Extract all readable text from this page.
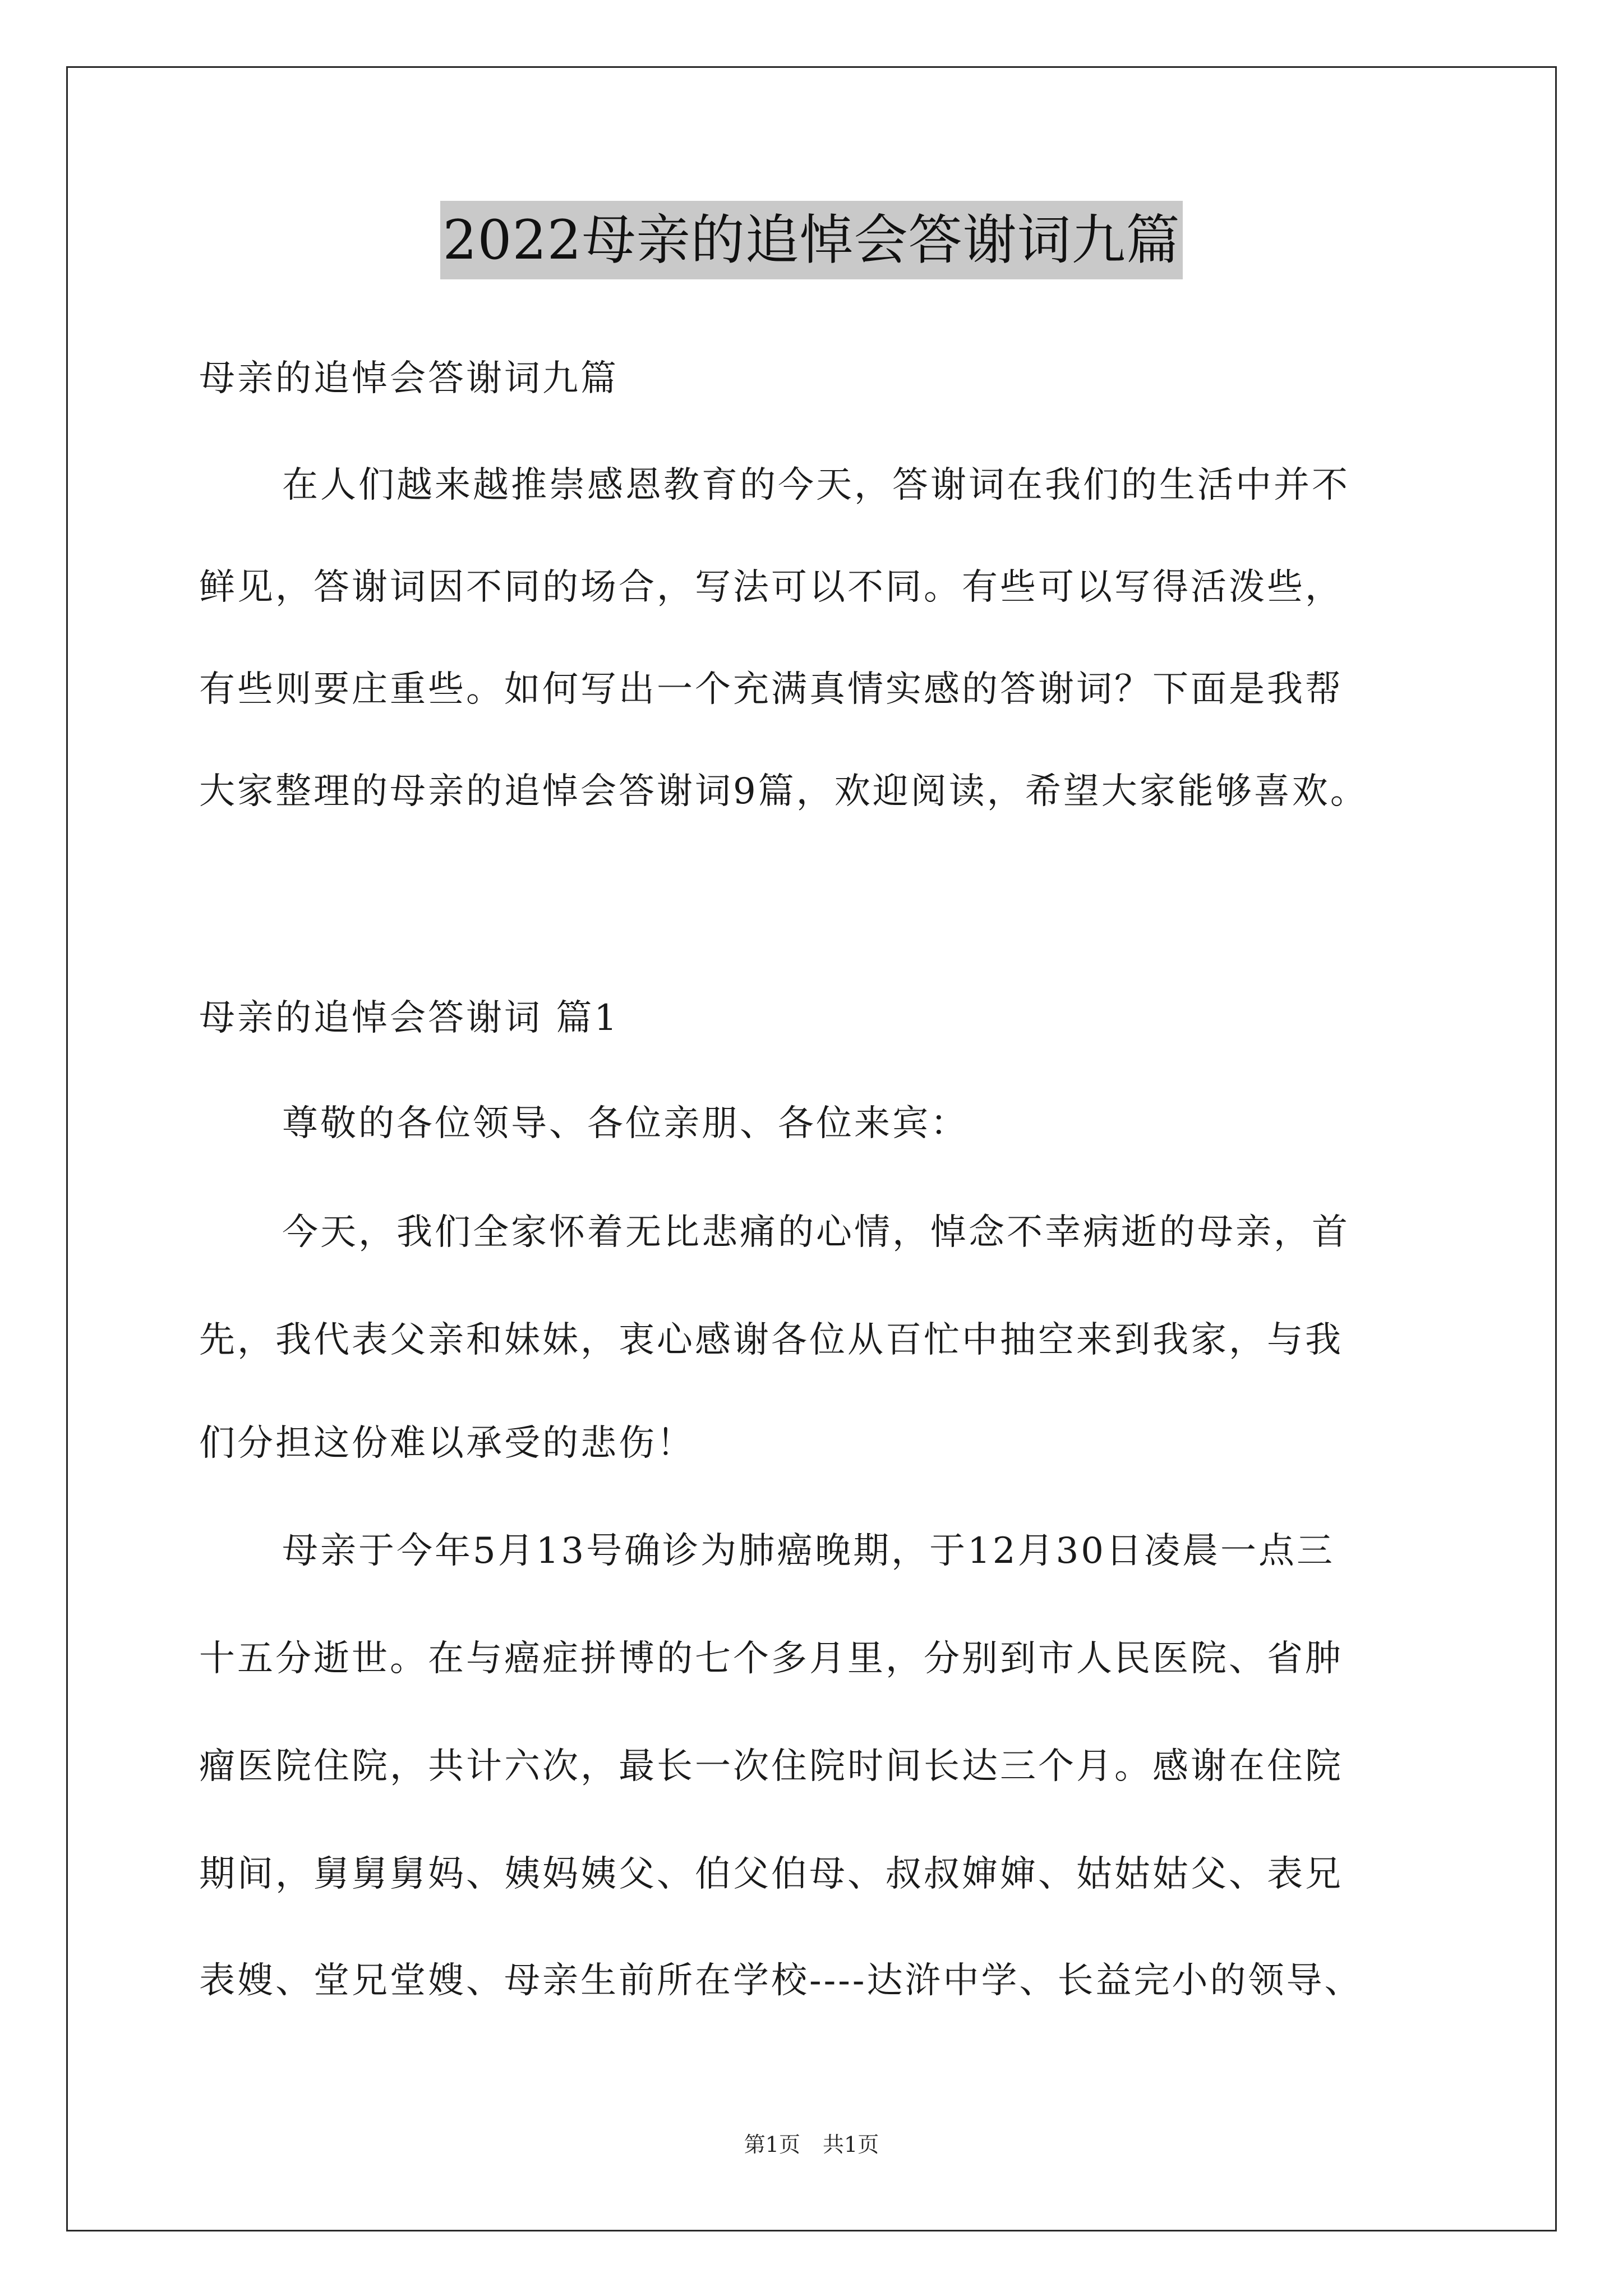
2022母亲的追悼会答谢词九篇
母亲的追悼会答谢词九篇
在人们越来越推崇感恩教育的今天，答谢词在我们的生活中并不
鲜见，答谢词因不同的场合，写法可以不同。有些可以写得活泼些，
有些则要庄重些。如何写出一个充满真情实感的答谢词？下面是我帮
大家整理的母亲的追悼会答谢词9篇，欢迎阅读，希望大家能够喜欢。
母亲的追悼会答谢词 篇1
尊敬的各位领导、各位亲朋、各位来宾：
今天，我们全家怀着无比悲痛的心情，悼念不幸病逝的母亲，首
先，我代表父亲和妹妹，衷心感谢各位从百忙中抽空来到我家，与我
们分担这份难以承受的悲伤！
母亲于今年5月13号确诊为肺癌晚期，于12月30日凌晨一点三
十五分逝世。在与癌症拼博的七个多月里，分别到市人民医院、省肿
瘤医院住院，共计六次，最长一次住院时间长达三个月。感谢在住院
期间，舅舅舅妈、姨妈姨父、伯父伯母、叔叔婶婶、姑姑姑父、表兄
表嫂、堂兄堂嫂、母亲生前所在学校----达浒中学、长益完小的领导、
第1页 共1页
